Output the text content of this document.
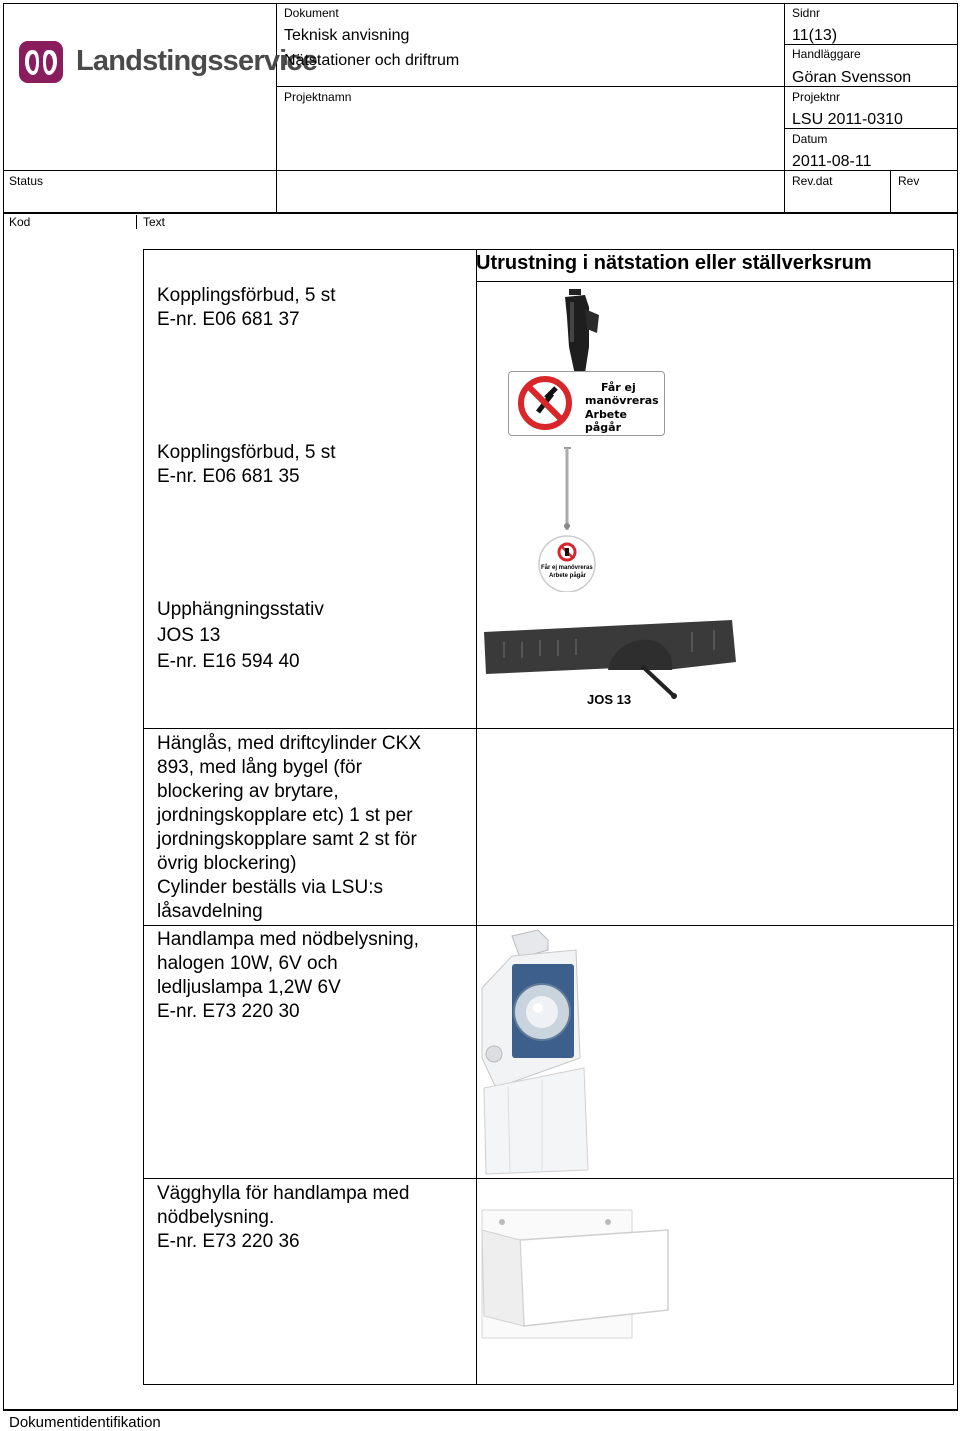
Landstingsservice
Dokument
Teknisk anvisning
Nätstationer och driftrum
Sidnr
11(13)
Handläggare
Göran Svensson
Projektnamn	Projektnr
LSU 2011-0310
Datum
2011-08-11
Status	Rev.dat	Rev
Kod	Text
Utrustning i nätstation eller ställverksrum
Kopplingsförbud, 5 st
E-nr. E06 681 37
Kopplingsförbud, 5 st
E-nr. E06 681 35
Upphängningsstativ
JOS 13
E-nr. E16 594 40
Hänglås, med driftcylinder CKX
893, med lång bygel (för
blockering av brytare,
jordningskopplare etc) 1 st per
jordningskopplare samt 2 st för
övrig blockering)
Cylinder beställs via LSU:s
låsavdelning
Handlampa med nödbelysning,
halogen 10W, 6V och
ledljuslampa 1,2W 6V
E-nr. E73 220 30
Vägghylla för handlampa med
nödbelysning.
E-nr. E73 220 36
Får ej
manövreras
Arbete pågår
Får ej manövreras
Arbete pågår
JOS 13
Dokumentidentifikation
